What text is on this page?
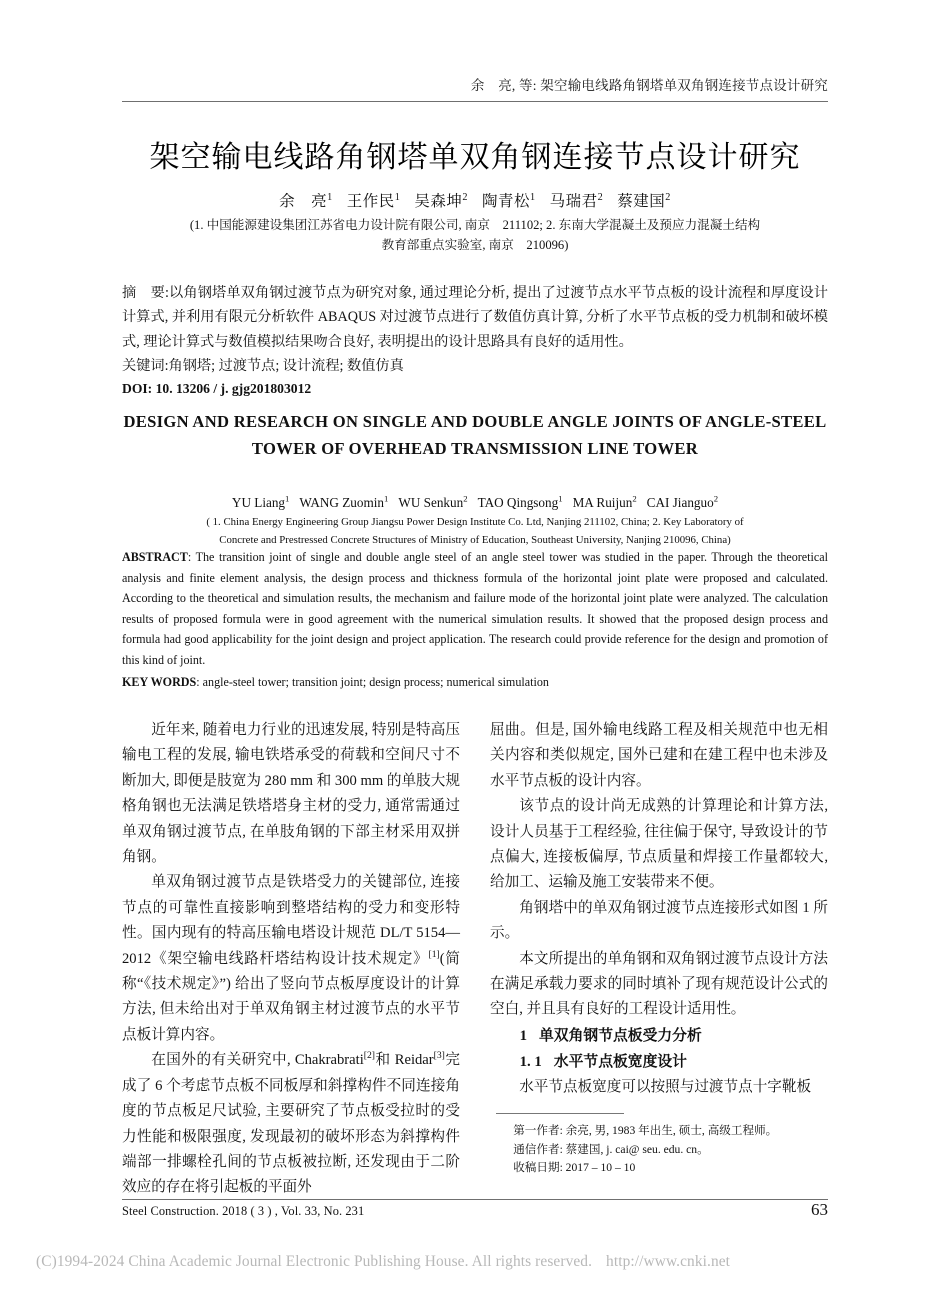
余　亮, 等: 架空输电线路角钢塔单双角钢连接节点设计研究
架空输电线路角钢塔单双角钢连接节点设计研究
余　亮$^1$ 王作民$^1$ 吴森坤$^2$ 陶青松$^1$ 马瑞君$^2$ 蔡建国$^2$
(1. 中国能源建设集团江苏省电力设计院有限公司, 南京　211102; 2. 东南大学混凝土及预应力混凝土结构
教育部重点实验室, 南京　210096)
摘　要:以角钢塔单双角钢过渡节点为研究对象, 通过理论分析, 提出了过渡节点水平节点板的设计流程和厚度设计计算式, 并利用有限元分析软件 ABAQUS 对过渡节点进行了数值仿真计算, 分析了水平节点板的受力机制和破坏模式, 理论计算式与数值模拟结果吻合良好, 表明提出的设计思路具有良好的适用性。
关键词:角钢塔; 过渡节点; 设计流程; 数值仿真
DOI: 10. 13206 / j. gjg201803012
DESIGN AND RESEARCH ON SINGLE AND DOUBLE ANGLE JOINTS OF ANGLE-STEEL
TOWER OF OVERHEAD TRANSMISSION LINE TOWER
YU Liang$^1$ WANG Zuomin$^1$ WU Senkun$^2$ TAO Qingsong$^1$ MA Ruijun$^2$ CAI Jianguo$^2$
( 1. China Energy Engineering Group Jiangsu Power Design Institute Co. Ltd, Nanjing 211102, China; 2. Key Laboratory of
Concrete and Prestressed Concrete Structures of Ministry of Education, Southeast University, Nanjing 210096, China)
ABSTRACT: The transition joint of single and double angle steel of an angle steel tower was studied in the paper. Through the theoretical analysis and finite element analysis, the design process and thickness formula of the horizontal joint plate were proposed and calculated. According to the theoretical and simulation results, the mechanism and failure mode of the horizontal joint plate were analyzed. The calculation results of proposed formula were in good agreement with the numerical simulation results. It showed that the proposed design process and formula had good applicability for the joint design and project application. The research could provide reference for the design and promotion of this kind of joint.
KEY WORDS: angle-steel tower; transition joint; design process; numerical simulation

近年来, 随着电力行业的迅速发展, 特别是特高压输电工程的发展, 输电铁塔承受的荷载和空间尺寸不断加大, 即便是肢宽为 280 mm 和 300 mm 的单肢大规格角钢也无法满足铁塔塔身主材的受力, 通常需通过单双角钢过渡节点, 在单肢角钢的下部主材采用双拼角钢。

单双角钢过渡节点是铁塔受力的关键部位, 连接节点的可靠性直接影响到整塔结构的受力和变形特性。国内现有的特高压输电塔设计规范 DL/T 5154—2012《架空输电线路杆塔结构设计技术规定》[1](简称“《技术规定》”) 给出了竖向节点板厚度设计的计算方法, 但未给出对于单双角钢主材过渡节点的水平节点板计算内容。

在国外的有关研究中, Chakrabrati[2]和 Reidar[3]完成了 6 个考虑节点板不同板厚和斜撑构件不同连接角度的节点板足尺试验, 主要研究了节点板受拉时的受力性能和极限强度, 发现最初的破坏形态为斜撑构件端部一排螺栓孔间的节点板被拉断, 还发现由于二阶效应的存在将引起板的平面外

屈曲。但是, 国外输电线路工程及相关规范中也无相关内容和类似规定, 国外已建和在建工程中也未涉及水平节点板的设计内容。

该节点的设计尚无成熟的计算理论和计算方法, 设计人员基于工程经验, 往往偏于保守, 导致设计的节点偏大, 连接板偏厚, 节点质量和焊接工作量都较大, 给加工、运输及施工安装带来不便。

角钢塔中的单双角钢过渡节点连接形式如图 1 所示。

本文所提出的单角钢和双角钢过渡节点设计方法在满足承载力要求的同时填补了现有规范设计公式的空白, 并且具有良好的工程设计适用性。

1 单双角钢节点板受力分析

1. 1 水平节点板宽度设计

水平节点板宽度可以按照与过渡节点十字靴板

第一作者: 余亮, 男, 1983 年出生, 硕士, 高级工程师。

通信作者: 蔡建国, j. cai@ seu. edu. cn。

收稿日期: 2017 – 10 – 10

Steel Construction. 2018 ( 3 ) , Vol. 33, No. 231	63
(C)1994-2024 China Academic Journal Electronic Publishing House. All rights reserved. http://www.cnki.net
